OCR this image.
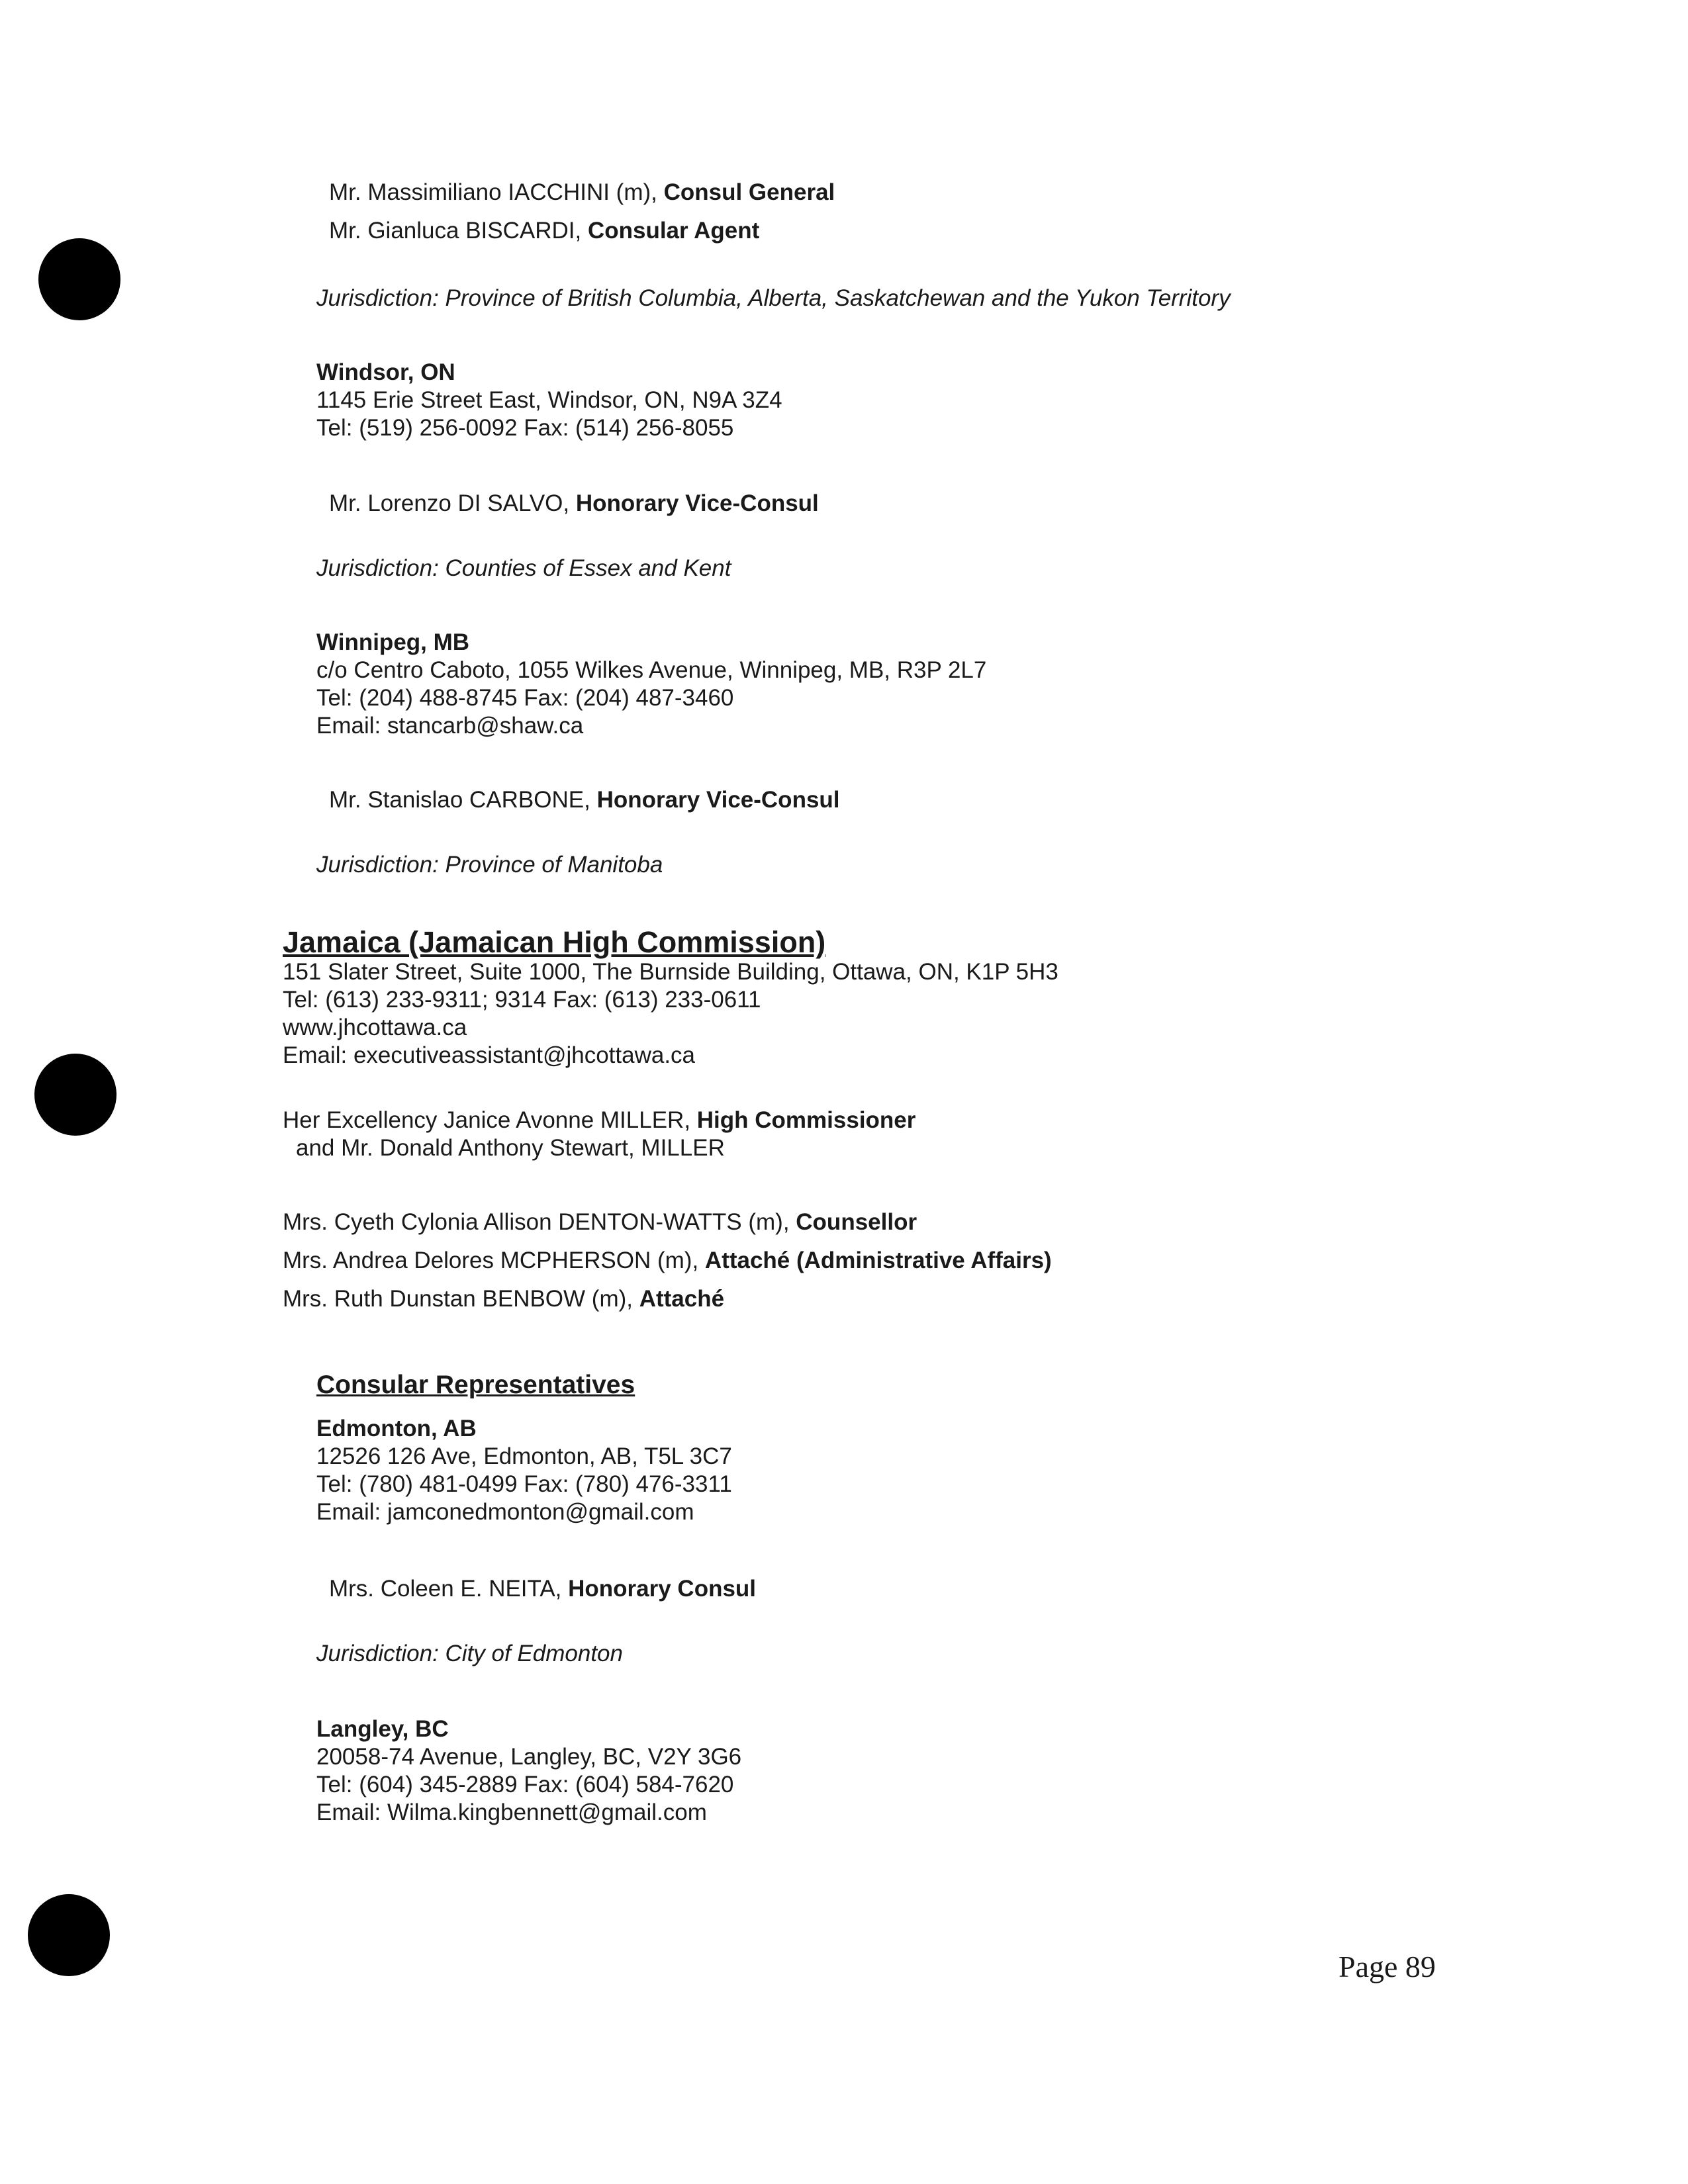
Mr. Massimiliano IACCHINI (m), Consul General
Mr. Gianluca BISCARDI, Consular Agent
Jurisdiction: Province of British Columbia, Alberta, Saskatchewan and the Yukon Territory
Windsor, ON
1145 Erie Street East, Windsor, ON, N9A 3Z4
Tel: (519) 256-0092 Fax: (514) 256-8055
Mr. Lorenzo DI SALVO, Honorary Vice-Consul
Jurisdiction: Counties of Essex and Kent
Winnipeg, MB
c/o Centro Caboto, 1055 Wilkes Avenue, Winnipeg, MB, R3P 2L7
Tel: (204) 488-8745 Fax: (204) 487-3460
Email: stancarb@shaw.ca
Mr. Stanislao CARBONE, Honorary Vice-Consul
Jurisdiction: Province of Manitoba
Jamaica (Jamaican High Commission)
151 Slater Street, Suite 1000, The Burnside Building, Ottawa, ON, K1P 5H3
Tel: (613) 233-9311; 9314 Fax: (613) 233-0611
www.jhcottawa.ca
Email: executiveassistant@jhcottawa.ca
Her Excellency Janice Avonne MILLER, High Commissioner
and Mr. Donald Anthony Stewart, MILLER
Mrs. Cyeth Cylonia Allison DENTON-WATTS (m), Counsellor
Mrs. Andrea Delores MCPHERSON (m), Attaché (Administrative Affairs)
Mrs. Ruth Dunstan BENBOW (m), Attaché
Consular Representatives
Edmonton, AB
12526 126 Ave, Edmonton, AB, T5L 3C7
Tel: (780) 481-0499 Fax: (780) 476-3311
Email: jamconedmonton@gmail.com
Mrs. Coleen E. NEITA, Honorary Consul
Jurisdiction: City of Edmonton
Langley, BC
20058-74 Avenue, Langley, BC, V2Y 3G6
Tel: (604) 345-2889 Fax: (604) 584-7620
Email: Wilma.kingbennett@gmail.com
Page 89
